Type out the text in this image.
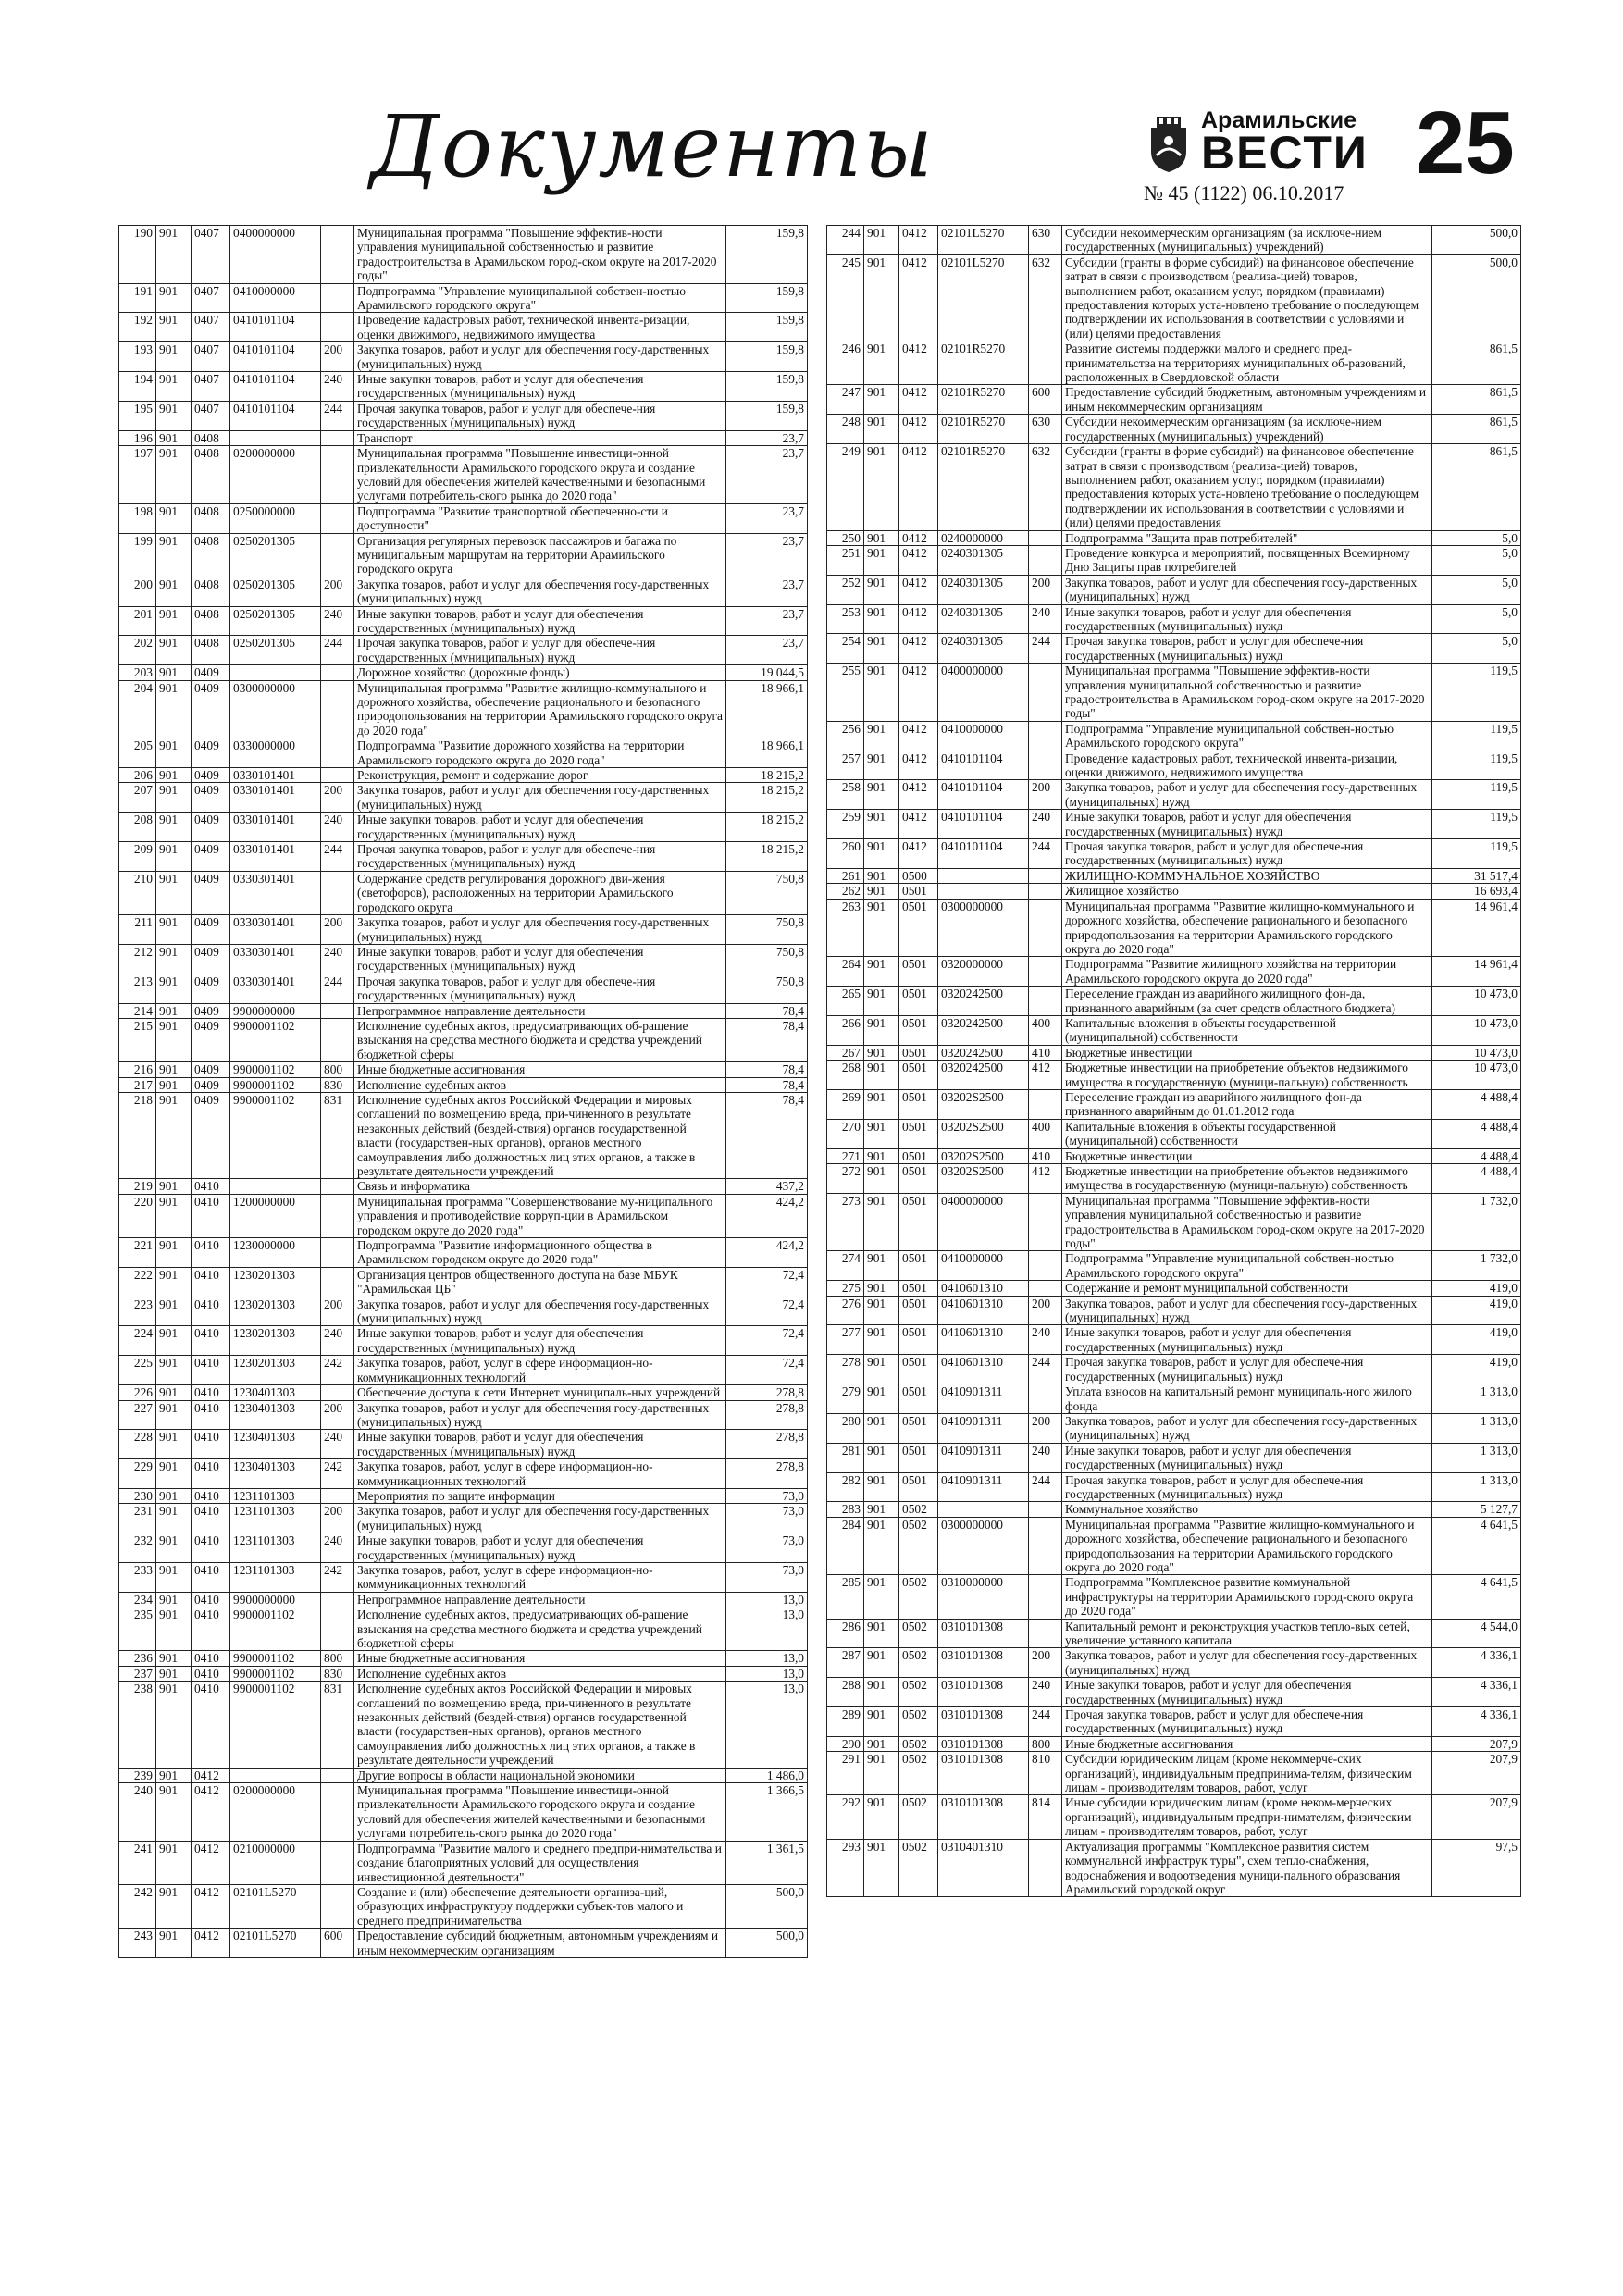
Документы	Арамильские
ВЕСТИ 25
№ 45 (1122) 06.10.2017
190	901	0407	0400000000		Муниципальная программа "Повышение эффектив-ности управления муниципальной собственностью и развитие градостроительства в Арамильском город-ском округе на 2017-2020 годы"	159,8
191	901	0407	0410000000		Подпрограмма "Управление муниципальной собствен-ностью Арамильского городского округа"	159,8
192	901	0407	0410101104		Проведение кадастровых работ, технической инвента-ризации, оценки движимого, недвижимого имущества	159,8
193	901	0407	0410101104	200	Закупка товаров, работ и услуг для обеспечения госу-дарственных (муниципальных) нужд	159,8
194	901	0407	0410101104	240	Иные закупки товаров, работ и услуг для обеспечения государственных (муниципальных) нужд	159,8
195	901	0407	0410101104	244	Прочая закупка товаров, работ и услуг для обеспече-ния государственных (муниципальных) нужд	159,8
196	901	0408			Транспорт	23,7
197	901	0408	0200000000		Муниципальная программа "Повышение инвестици-онной привлекательности Арамильского городского округа и создание условий для обеспечения жителей качественными и безопасными услугами потребитель-ского рынка до 2020 года"	23,7
198	901	0408	0250000000		Подпрограмма "Развитие транспортной обеспеченно-сти и доступности"	23,7
199	901	0408	0250201305		Организация регулярных перевозок пассажиров и багажа по муниципальным маршрутам на территории Арамильского городского округа	23,7
200	901	0408	0250201305	200	Закупка товаров, работ и услуг для обеспечения госу-дарственных (муниципальных) нужд	23,7
201	901	0408	0250201305	240	Иные закупки товаров, работ и услуг для обеспечения государственных (муниципальных) нужд	23,7
202	901	0408	0250201305	244	Прочая закупка товаров, работ и услуг для обеспече-ния государственных (муниципальных) нужд	23,7
203	901	0409			Дорожное хозяйство (дорожные фонды)	19 044,5
204	901	0409	0300000000		Муниципальная программа "Развитие жилищно-коммунального и дорожного хозяйства, обеспечение рационального и безопасного природопользования на территории Арамильского городского округа до 2020 года"	18 966,1
205	901	0409	0330000000		Подпрограмма "Развитие дорожного хозяйства на территории Арамильского городского округа до 2020 года"	18 966,1
206	901	0409	0330101401		Реконструкция, ремонт и содержание дорог	18 215,2
207	901	0409	0330101401	200	Закупка товаров, работ и услуг для обеспечения госу-дарственных (муниципальных) нужд	18 215,2
208	901	0409	0330101401	240	Иные закупки товаров, работ и услуг для обеспечения государственных (муниципальных) нужд	18 215,2
209	901	0409	0330101401	244	Прочая закупка товаров, работ и услуг для обеспече-ния государственных (муниципальных) нужд	18 215,2
210	901	0409	0330301401		Содержание средств регулирования дорожного дви-жения (светофоров), расположенных на территории Арамильского городского округа	750,8
211	901	0409	0330301401	200	Закупка товаров, работ и услуг для обеспечения госу-дарственных (муниципальных) нужд	750,8
212	901	0409	0330301401	240	Иные закупки товаров, работ и услуг для обеспечения государственных (муниципальных) нужд	750,8
213	901	0409	0330301401	244	Прочая закупка товаров, работ и услуг для обеспече-ния государственных (муниципальных) нужд	750,8
214	901	0409	9900000000		Непрограммное направление деятельности	78,4
215	901	0409	9900001102		Исполнение судебных актов, предусматривающих об-ращение взыскания на средства местного бюджета и средства учреждений бюджетной сферы	78,4
216	901	0409	9900001102	800	Иные бюджетные ассигнования	78,4
217	901	0409	9900001102	830	Исполнение судебных актов	78,4
218	901	0409	9900001102	831	Исполнение судебных актов Российской Федерации и мировых соглашений по возмещению вреда, при-чиненного в результате незаконных действий (бездей-ствия) органов государственной власти (государствен-ных органов), органов местного самоуправления либо должностных лиц этих органов, а также в результате деятельности учреждений	78,4
219	901	0410			Связь и информатика	437,2
220	901	0410	1200000000		Муниципальная программа "Совершенствование му-ниципального управления и противодействие корруп-ции в Арамильском городском округе до 2020 года"	424,2
221	901	0410	1230000000		Подпрограмма "Развитие информационного общества в Арамильском городском округе до 2020 года"	424,2
222	901	0410	1230201303		Организация центров общественного доступа на базе МБУК "Арамильская ЦБ"	72,4
223	901	0410	1230201303	200	Закупка товаров, работ и услуг для обеспечения госу-дарственных (муниципальных) нужд	72,4
224	901	0410	1230201303	240	Иные закупки товаров, работ и услуг для обеспечения государственных (муниципальных) нужд	72,4
225	901	0410	1230201303	242	Закупка товаров, работ, услуг в сфере информацион-но-коммуникационных технологий	72,4
226	901	0410	1230401303		Обеспечение доступа к сети Интернет муниципаль-ных учреждений	278,8
227	901	0410	1230401303	200	Закупка товаров, работ и услуг для обеспечения госу-дарственных (муниципальных) нужд	278,8
228	901	0410	1230401303	240	Иные закупки товаров, работ и услуг для обеспечения государственных (муниципальных) нужд	278,8
229	901	0410	1230401303	242	Закупка товаров, работ, услуг в сфере информацион-но-коммуникационных технологий	278,8
230	901	0410	1231101303		Мероприятия по защите информации	73,0
231	901	0410	1231101303	200	Закупка товаров, работ и услуг для обеспечения госу-дарственных (муниципальных) нужд	73,0
232	901	0410	1231101303	240	Иные закупки товаров, работ и услуг для обеспечения государственных (муниципальных) нужд	73,0
233	901	0410	1231101303	242	Закупка товаров, работ, услуг в сфере информацион-но-коммуникационных технологий	73,0
234	901	0410	9900000000		Непрограммное направление деятельности	13,0
235	901	0410	9900001102		Исполнение судебных актов, предусматривающих об-ращение взыскания на средства местного бюджета и средства учреждений бюджетной сферы	13,0
236	901	0410	9900001102	800	Иные бюджетные ассигнования	13,0
237	901	0410	9900001102	830	Исполнение судебных актов	13,0
238	901	0410	9900001102	831	Исполнение судебных актов Российской Федерации и мировых соглашений по возмещению вреда, при-чиненного в результате незаконных действий (бездей-ствия) органов государственной власти (государствен-ных органов), органов местного самоуправления либо должностных лиц этих органов, а также в результате деятельности учреждений	13,0
239	901	0412			Другие вопросы в области национальной экономики	1 486,0
240	901	0412	0200000000		Муниципальная программа "Повышение инвестици-онной привлекательности Арамильского городского округа и создание условий для обеспечения жителей качественными и безопасными услугами потребитель-ского рынка до 2020 года"	1 366,5
241	901	0412	0210000000		Подпрограмма "Развитие малого и среднего предпри-нимательства и создание благоприятных условий для осуществления инвестиционной деятельности"	1 361,5
242	901	0412	02101L5270		Создание и (или) обеспечение деятельности организа-ций, образующих инфраструктуру поддержки субъек-тов малого и среднего предпринимательства	500,0
243	901	0412	02101L5270	600	Предоставление субсидий бюджетным, автономным учреждениям и иным некоммерческим организациям	500,0
244	901	0412	02101L5270	630	Субсидии некоммерческим организациям (за исключе-нием государственных (муниципальных) учреждений)	500,0
245	901	0412	02101L5270	632	Субсидии (гранты в форме субсидий) на финансовое обеспечение затрат в связи с производством (реализа-цией) товаров, выполнением работ, оказанием услуг, порядком (правилами) предоставления которых уста-новлено требование о последующем подтверждении их использования в соответствии с условиями и (или) целями предоставления	500,0
246	901	0412	02101R5270		Развитие системы поддержки малого и среднего пред-принимательства на территориях муниципальных об-разований, расположенных в Свердловской области	861,5
247	901	0412	02101R5270	600	Предоставление субсидий бюджетным, автономным учреждениям и иным некоммерческим организациям	861,5
248	901	0412	02101R5270	630	Субсидии некоммерческим организациям (за исключе-нием государственных (муниципальных) учреждений)	861,5
249	901	0412	02101R5270	632	Субсидии (гранты в форме субсидий) на финансовое обеспечение затрат в связи с производством (реализа-цией) товаров, выполнением работ, оказанием услуг, порядком (правилами) предоставления которых уста-новлено требование о последующем подтверждении их использования в соответствии с условиями и (или) целями предоставления	861,5
250	901	0412	0240000000		Подпрограмма "Защита прав потребителей"	5,0
251	901	0412	0240301305		Проведение конкурса и мероприятий, посвященных Всемирному Дню Защиты прав потребителей	5,0
252	901	0412	0240301305	200	Закупка товаров, работ и услуг для обеспечения госу-дарственных (муниципальных) нужд	5,0
253	901	0412	0240301305	240	Иные закупки товаров, работ и услуг для обеспечения государственных (муниципальных) нужд	5,0
254	901	0412	0240301305	244	Прочая закупка товаров, работ и услуг для обеспече-ния государственных (муниципальных) нужд	5,0
255	901	0412	0400000000		Муниципальная программа "Повышение эффектив-ности управления муниципальной собственностью и развитие градостроительства в Арамильском город-ском округе на 2017-2020 годы"	119,5
256	901	0412	0410000000		Подпрограмма "Управление муниципальной собствен-ностью Арамильского городского округа"	119,5
257	901	0412	0410101104		Проведение кадастровых работ, технической инвента-ризации, оценки движимого, недвижимого имущества	119,5
258	901	0412	0410101104	200	Закупка товаров, работ и услуг для обеспечения госу-дарственных (муниципальных) нужд	119,5
259	901	0412	0410101104	240	Иные закупки товаров, работ и услуг для обеспечения государственных (муниципальных) нужд	119,5
260	901	0412	0410101104	244	Прочая закупка товаров, работ и услуг для обеспече-ния государственных (муниципальных) нужд	119,5
261	901	0500			ЖИЛИЩНО-КОММУНАЛЬНОЕ ХОЗЯЙСТВО	31 517,4
262	901	0501			Жилищное хозяйство	16 693,4
263	901	0501	0300000000		Муниципальная программа "Развитие жилищно-коммунального и дорожного хозяйства, обеспечение рационального и безопасного природопользования на территории Арамильского городского округа до 2020 года"	14 961,4
264	901	0501	0320000000		Подпрограмма "Развитие жилищного хозяйства на территории Арамильского городского округа до 2020 года"	14 961,4
265	901	0501	0320242500		Переселение граждан из аварийного жилищного фон-да, признанного аварийным (за счет средств областного бюджета)	10 473,0
266	901	0501	0320242500	400	Капитальные вложения в объекты государственной (муниципальной) собственности	10 473,0
267	901	0501	0320242500	410	Бюджетные инвестиции	10 473,0
268	901	0501	0320242500	412	Бюджетные инвестиции на приобретение объектов недвижимого имущества в государственную (муници-пальную) собственность	10 473,0
269	901	0501	03202S2500		Переселение граждан из аварийного жилищного фон-да признанного аварийным до 01.01.2012 года	4 488,4
270	901	0501	03202S2500	400	Капитальные вложения в объекты государственной (муниципальной) собственности	4 488,4
271	901	0501	03202S2500	410	Бюджетные инвестиции	4 488,4
272	901	0501	03202S2500	412	Бюджетные инвестиции на приобретение объектов недвижимого имущества в государственную (муници-пальную) собственность	4 488,4
273	901	0501	0400000000		Муниципальная программа "Повышение эффектив-ности управления муниципальной собственностью и развитие градостроительства в Арамильском город-ском округе на 2017-2020 годы"	1 732,0
274	901	0501	0410000000		Подпрограмма "Управление муниципальной собствен-ностью Арамильского городского округа"	1 732,0
275	901	0501	0410601310		Содержание и ремонт муниципальной собственности	419,0
276	901	0501	0410601310	200	Закупка товаров, работ и услуг для обеспечения госу-дарственных (муниципальных) нужд	419,0
277	901	0501	0410601310	240	Иные закупки товаров, работ и услуг для обеспечения государственных (муниципальных) нужд	419,0
278	901	0501	0410601310	244	Прочая закупка товаров, работ и услуг для обеспече-ния государственных (муниципальных) нужд	419,0
279	901	0501	0410901311		Уплата взносов на капитальный ремонт муниципаль-ного жилого фонда	1 313,0
280	901	0501	0410901311	200	Закупка товаров, работ и услуг для обеспечения госу-дарственных (муниципальных) нужд	1 313,0
281	901	0501	0410901311	240	Иные закупки товаров, работ и услуг для обеспечения государственных (муниципальных) нужд	1 313,0
282	901	0501	0410901311	244	Прочая закупка товаров, работ и услуг для обеспече-ния государственных (муниципальных) нужд	1 313,0
283	901	0502			Коммунальное хозяйство	5 127,7
284	901	0502	0300000000		Муниципальная программа "Развитие жилищно-коммунального и дорожного хозяйства, обеспечение рационального и безопасного природопользования на территории Арамильского городского округа до 2020 года"	4 641,5
285	901	0502	0310000000		Подпрограмма "Комплексное развитие коммунальной инфраструктуры на территории Арамильского город-ского округа до 2020 года"	4 641,5
286	901	0502	0310101308		Капитальный ремонт и реконструкция участков тепло-вых сетей, увеличение уставного капитала	4 544,0
287	901	0502	0310101308	200	Закупка товаров, работ и услуг для обеспечения госу-дарственных (муниципальных) нужд	4 336,1
288	901	0502	0310101308	240	Иные закупки товаров, работ и услуг для обеспечения государственных (муниципальных) нужд	4 336,1
289	901	0502	0310101308	244	Прочая закупка товаров, работ и услуг для обеспече-ния государственных (муниципальных) нужд	4 336,1
290	901	0502	0310101308	800	Иные бюджетные ассигнования	207,9
291	901	0502	0310101308	810	Субсидии юридическим лицам (кроме некоммерче-ских организаций), индивидуальным предпринима-телям, физическим лицам - производителям товаров, работ, услуг	207,9
292	901	0502	0310101308	814	Иные субсидии юридическим лицам (кроме неком-мерческих организаций), индивидуальным предпри-нимателям, физическим лицам - производителям товаров, работ, услуг	207,9
293	901	0502	0310401310		Актуализация программы "Комплексное развития систем коммунальной инфраструк туры", схем тепло-снабжения, водоснабжения и водоотведения муници-пального образования Арамильский городской округ	97,5
